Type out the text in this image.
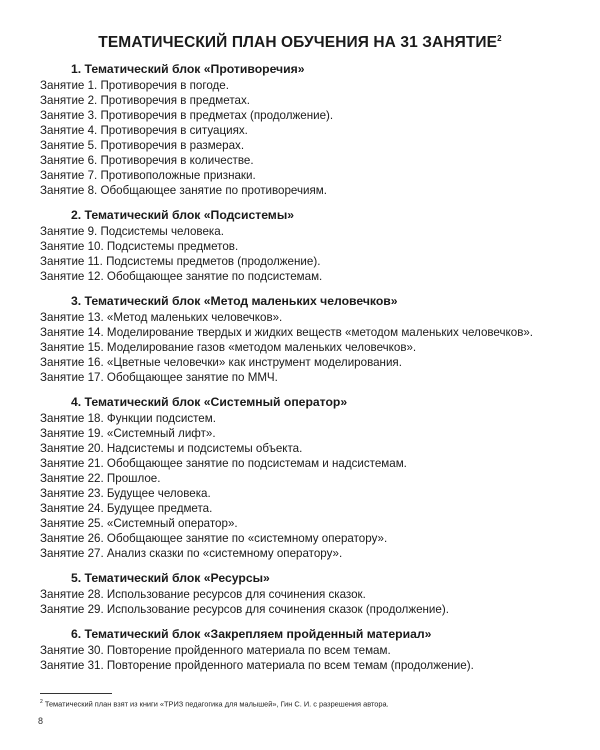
ТЕМАТИЧЕСКИЙ ПЛАН ОБУЧЕНИЯ НА 31 ЗАНЯТИЕ$^2$
1. Тематический блок «Противоречия»
Занятие 1. Противоречия в погоде.
Занятие 2. Противоречия в предметах.
Занятие 3. Противоречия в предметах (продолжение).
Занятие 4. Противоречия в ситуациях.
Занятие 5. Противоречия в размерах.
Занятие 6. Противоречия в количестве.
Занятие 7. Противоположные признаки.
Занятие 8. Обобщающее занятие по противоречиям.
2. Тематический блок «Подсистемы»
Занятие 9. Подсистемы человека.
Занятие 10. Подсистемы предметов.
Занятие 11. Подсистемы предметов (продолжение).
Занятие 12. Обобщающее занятие по подсистемам.
3. Тематический блок «Метод маленьких человечков»
Занятие 13. «Метод маленьких человечков».
Занятие 14. Моделирование твердых и жидких веществ «методом маленьких человечков».
Занятие 15. Моделирование газов «методом маленьких человечков».
Занятие 16. «Цветные человечки» как инструмент моделирования.
Занятие 17. Обобщающее занятие по ММЧ.
4. Тематический блок «Системный оператор»
Занятие 18. Функции подсистем.
Занятие 19. «Системный лифт».
Занятие 20. Надсистемы и подсистемы объекта.
Занятие 21. Обобщающее занятие по подсистемам и надсистемам.
Занятие 22. Прошлое.
Занятие 23. Будущее человека.
Занятие 24. Будущее предмета.
Занятие 25. «Системный оператор».
Занятие 26. Обобщающее занятие по «системному оператору».
Занятие 27. Анализ сказки по «системному оператору».
5. Тематический блок «Ресурсы»
Занятие 28. Использование ресурсов для сочинения сказок.
Занятие 29. Использование ресурсов для сочинения сказок (продолжение).
6. Тематический блок «Закрепляем пройденный материал»
Занятие 30. Повторение пройденного материала по всем темам.
Занятие 31. Повторение пройденного материала по всем темам (продолжение).
$^2$ Тематический план взят из книги «ТРИЗ педагогика для малышей», Гин С. И. с разрешения автора.
8
